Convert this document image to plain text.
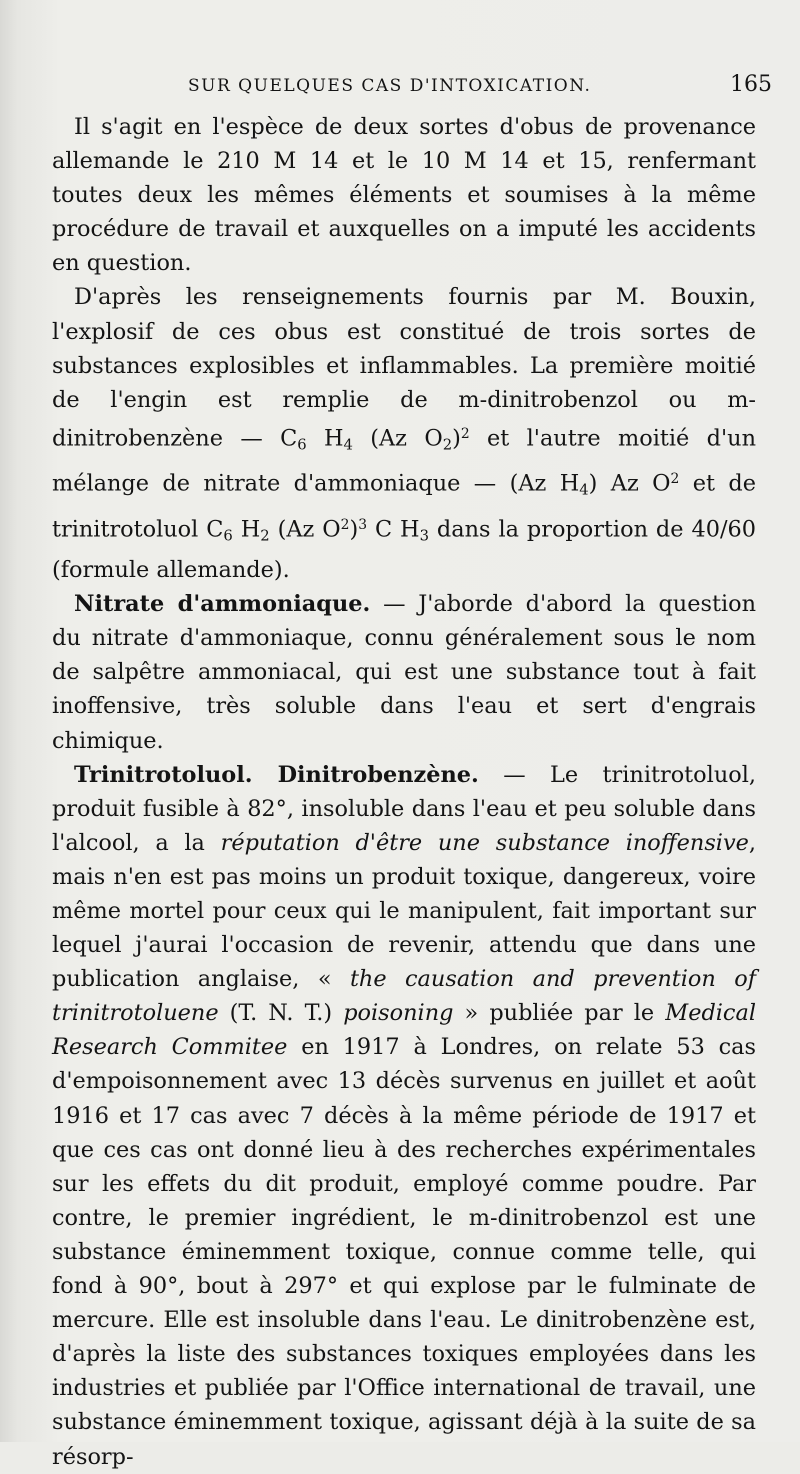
SUR QUELQUES CAS D'INTOXICATION.	165

Il s'agit en l'espèce de deux sortes d'obus de provenance allemande le 210 M 14 et le 10 M 14 et 15, renfermant toutes deux les mêmes éléments et soumises à la même procédure de travail et auxquelles on a imputé les accidents en question.

D'après les renseignements fournis par M. Bouxin, l'explosif de ces obus est constitué de trois sortes de substances explosibles et inflammables. La première moitié de l'engin est remplie de m-dinitrobenzol ou m-dinitrobenzène — $C_6$ $H_4$ (Az $O_2)^2$ et l'autre moitié d'un mélange de nitrate d'ammoniaque — (Az $H_4$) Az $O^2$ et de trinitrotoluol $C_6$ $H_2$ (Az $O^2)^3$ C $H_3$ dans la proportion de 40/60 (formule allemande).

Nitrate d'ammoniaque. — J'aborde d'abord la question du nitrate d'ammoniaque, connu généralement sous le nom de salpêtre ammoniacal, qui est une substance tout à fait inoffensive, très soluble dans l'eau et sert d'engrais chimique.

Trinitrotoluol. Dinitrobenzène. — Le trinitrotoluol, produit fusible à 82°, insoluble dans l'eau et peu soluble dans l'alcool, a la réputation d'être une substance inoffensive, mais n'en est pas moins un produit toxique, dangereux, voire même mortel pour ceux qui le manipulent, fait important sur lequel j'aurai l'occasion de revenir, attendu que dans une publication anglaise, « the causation and prevention of trinitrotoluene (T. N. T.) poisoning » publiée par le Medical Research Commitee en 1917 à Londres, on relate 53 cas d'empoisonnement avec 13 décès survenus en juillet et août 1916 et 17 cas avec 7 décès à la même période de 1917 et que ces cas ont donné lieu à des recherches expérimentales sur les effets du dit produit, employé comme poudre. Par contre, le premier ingrédient, le m-dinitrobenzol est une substance éminemment toxique, connue comme telle, qui fond à 90°, bout à 297° et qui explose par le fulminate de mercure. Elle est insoluble dans l'eau. Le dinitrobenzène est, d'après la liste des substances toxiques employées dans les industries et publiée par l'Office international de travail, une substance éminemment toxique, agissant déjà à la suite de sa résorp-
